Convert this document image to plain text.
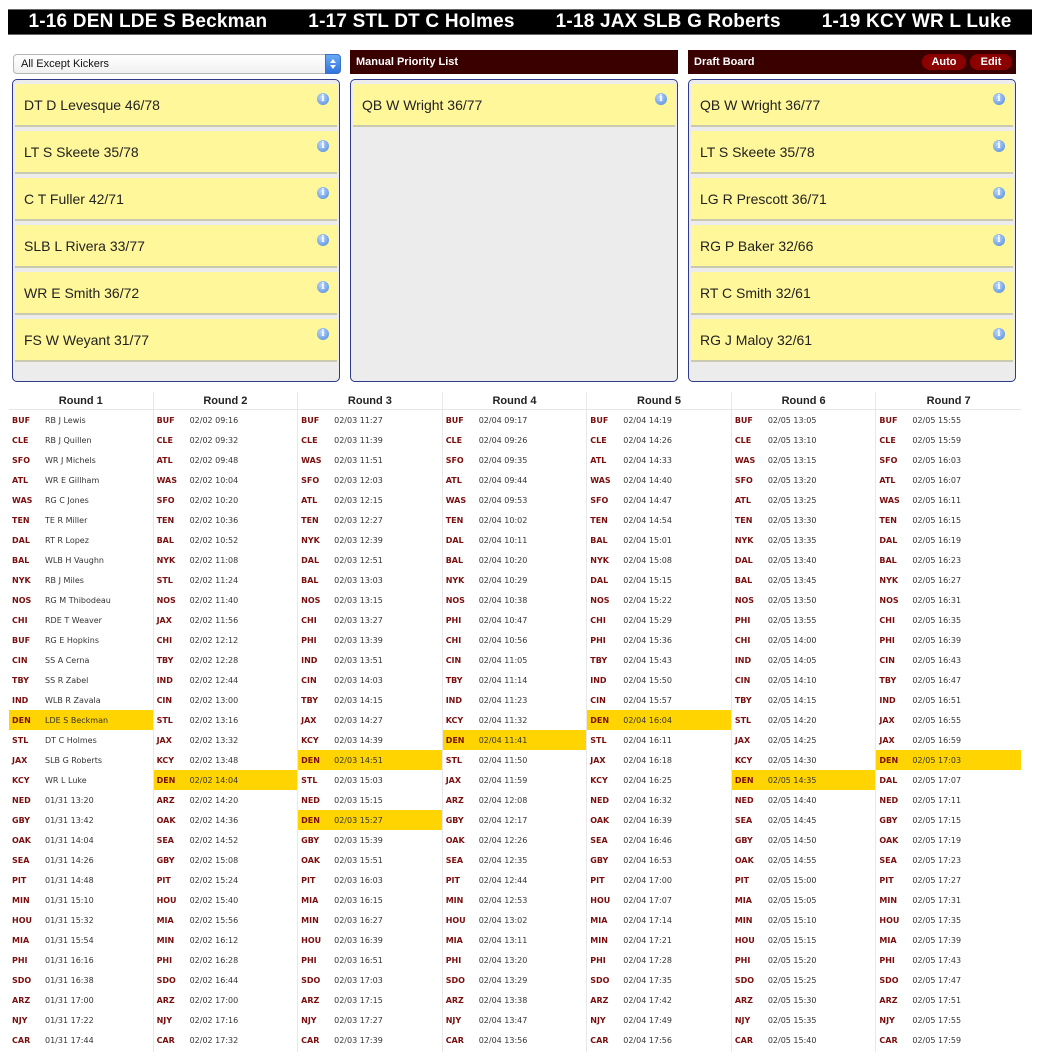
1-16 DEN LDE S Beckman 1-17 STL DT C Holmes 1-18 JAX SLB G Roberts 1-19 KCY WR L Luke
All Except Kickers
DT D Levesque 46/78	i
LT S Skeete 35/78	i
C T Fuller 42/71	i
SLB L Rivera 33/77	i
WR E Smith 36/72	i
FS W Weyant 31/77	i
Manual Priority List
QB W Wright 36/77	i
Draft Board	Auto	Edit
QB W Wright 36/77	i
LT S Skeete 35/78	i
LG R Prescott 36/71	i
RG P Baker 32/66	i
RT C Smith 32/61	i
RG J Maloy 32/61	i
Round 1
BUF	RB J Lewis
CLE	RB J Quillen
SFO	WR J Michels
ATL	WR E Gillham
WAS	RG C Jones
TEN	TE R Miller
DAL	RT R Lopez
BAL	WLB H Vaughn
NYK	RB J Miles
NOS	RG M Thibodeau
CHI	RDE T Weaver
BUF	RG E Hopkins
CIN	SS A Cerna
TBY	SS R Zabel
IND	WLB R Zavala
DEN	LDE S Beckman
STL	DT C Holmes
JAX	SLB G Roberts
KCY	WR L Luke
NED	01/31 13:20
GBY	01/31 13:42
OAK	01/31 14:04
SEA	01/31 14:26
PIT	01/31 14:48
MIN	01/31 15:10
HOU	01/31 15:32
MIA	01/31 15:54
PHI	01/31 16:16
SDO	01/31 16:38
ARZ	01/31 17:00
NJY	01/31 17:22
CAR	01/31 17:44
Round 2
BUF	02/02 09:16
CLE	02/02 09:32
ATL	02/02 09:48
WAS	02/02 10:04
SFO	02/02 10:20
TEN	02/02 10:36
BAL	02/02 10:52
NYK	02/02 11:08
STL	02/02 11:24
NOS	02/02 11:40
JAX	02/02 11:56
CHI	02/02 12:12
TBY	02/02 12:28
IND	02/02 12:44
CIN	02/02 13:00
STL	02/02 13:16
JAX	02/02 13:32
KCY	02/02 13:48
DEN	02/02 14:04
ARZ	02/02 14:20
OAK	02/02 14:36
SEA	02/02 14:52
GBY	02/02 15:08
PIT	02/02 15:24
HOU	02/02 15:40
MIA	02/02 15:56
MIN	02/02 16:12
PHI	02/02 16:28
SDO	02/02 16:44
ARZ	02/02 17:00
NJY	02/02 17:16
CAR	02/02 17:32
Round 3
BUF	02/03 11:27
CLE	02/03 11:39
WAS	02/03 11:51
SFO	02/03 12:03
ATL	02/03 12:15
TEN	02/03 12:27
NYK	02/03 12:39
DAL	02/03 12:51
BAL	02/03 13:03
NOS	02/03 13:15
CHI	02/03 13:27
PHI	02/03 13:39
IND	02/03 13:51
CIN	02/03 14:03
TBY	02/03 14:15
JAX	02/03 14:27
KCY	02/03 14:39
DEN	02/03 14:51
STL	02/03 15:03
NED	02/03 15:15
DEN	02/03 15:27
GBY	02/03 15:39
OAK	02/03 15:51
PIT	02/03 16:03
MIA	02/03 16:15
MIN	02/03 16:27
HOU	02/03 16:39
PHI	02/03 16:51
SDO	02/03 17:03
ARZ	02/03 17:15
NJY	02/03 17:27
CAR	02/03 17:39
Round 4
BUF	02/04 09:17
CLE	02/04 09:26
SFO	02/04 09:35
ATL	02/04 09:44
WAS	02/04 09:53
TEN	02/04 10:02
DAL	02/04 10:11
BAL	02/04 10:20
NYK	02/04 10:29
NOS	02/04 10:38
PHI	02/04 10:47
CHI	02/04 10:56
CIN	02/04 11:05
TBY	02/04 11:14
IND	02/04 11:23
KCY	02/04 11:32
DEN	02/04 11:41
STL	02/04 11:50
JAX	02/04 11:59
ARZ	02/04 12:08
GBY	02/04 12:17
OAK	02/04 12:26
SEA	02/04 12:35
PIT	02/04 12:44
MIN	02/04 12:53
HOU	02/04 13:02
MIA	02/04 13:11
PHI	02/04 13:20
SDO	02/04 13:29
ARZ	02/04 13:38
NJY	02/04 13:47
CAR	02/04 13:56
Round 5
BUF	02/04 14:19
CLE	02/04 14:26
ATL	02/04 14:33
WAS	02/04 14:40
SFO	02/04 14:47
TEN	02/04 14:54
BAL	02/04 15:01
NYK	02/04 15:08
DAL	02/04 15:15
NOS	02/04 15:22
CHI	02/04 15:29
PHI	02/04 15:36
TBY	02/04 15:43
IND	02/04 15:50
CIN	02/04 15:57
DEN	02/04 16:04
STL	02/04 16:11
JAX	02/04 16:18
KCY	02/04 16:25
NED	02/04 16:32
OAK	02/04 16:39
SEA	02/04 16:46
GBY	02/04 16:53
PIT	02/04 17:00
HOU	02/04 17:07
MIA	02/04 17:14
MIN	02/04 17:21
PHI	02/04 17:28
SDO	02/04 17:35
ARZ	02/04 17:42
NJY	02/04 17:49
CAR	02/04 17:56
Round 6
BUF	02/05 13:05
CLE	02/05 13:10
WAS	02/05 13:15
SFO	02/05 13:20
ATL	02/05 13:25
TEN	02/05 13:30
NYK	02/05 13:35
DAL	02/05 13:40
BAL	02/05 13:45
NOS	02/05 13:50
PHI	02/05 13:55
CHI	02/05 14:00
IND	02/05 14:05
CIN	02/05 14:10
TBY	02/05 14:15
STL	02/05 14:20
JAX	02/05 14:25
KCY	02/05 14:30
DEN	02/05 14:35
NED	02/05 14:40
SEA	02/05 14:45
GBY	02/05 14:50
OAK	02/05 14:55
PIT	02/05 15:00
MIA	02/05 15:05
MIN	02/05 15:10
HOU	02/05 15:15
PHI	02/05 15:20
SDO	02/05 15:25
ARZ	02/05 15:30
NJY	02/05 15:35
CAR	02/05 15:40
Round 7
BUF	02/05 15:55
CLE	02/05 15:59
SFO	02/05 16:03
ATL	02/05 16:07
WAS	02/05 16:11
TEN	02/05 16:15
DAL	02/05 16:19
BAL	02/05 16:23
NYK	02/05 16:27
NOS	02/05 16:31
CHI	02/05 16:35
PHI	02/05 16:39
CIN	02/05 16:43
TBY	02/05 16:47
IND	02/05 16:51
JAX	02/05 16:55
JAX	02/05 16:59
DEN	02/05 17:03
DAL	02/05 17:07
NED	02/05 17:11
GBY	02/05 17:15
OAK	02/05 17:19
SEA	02/05 17:23
PIT	02/05 17:27
MIN	02/05 17:31
HOU	02/05 17:35
MIA	02/05 17:39
PHI	02/05 17:43
SDO	02/05 17:47
ARZ	02/05 17:51
NJY	02/05 17:55
CAR	02/05 17:59
